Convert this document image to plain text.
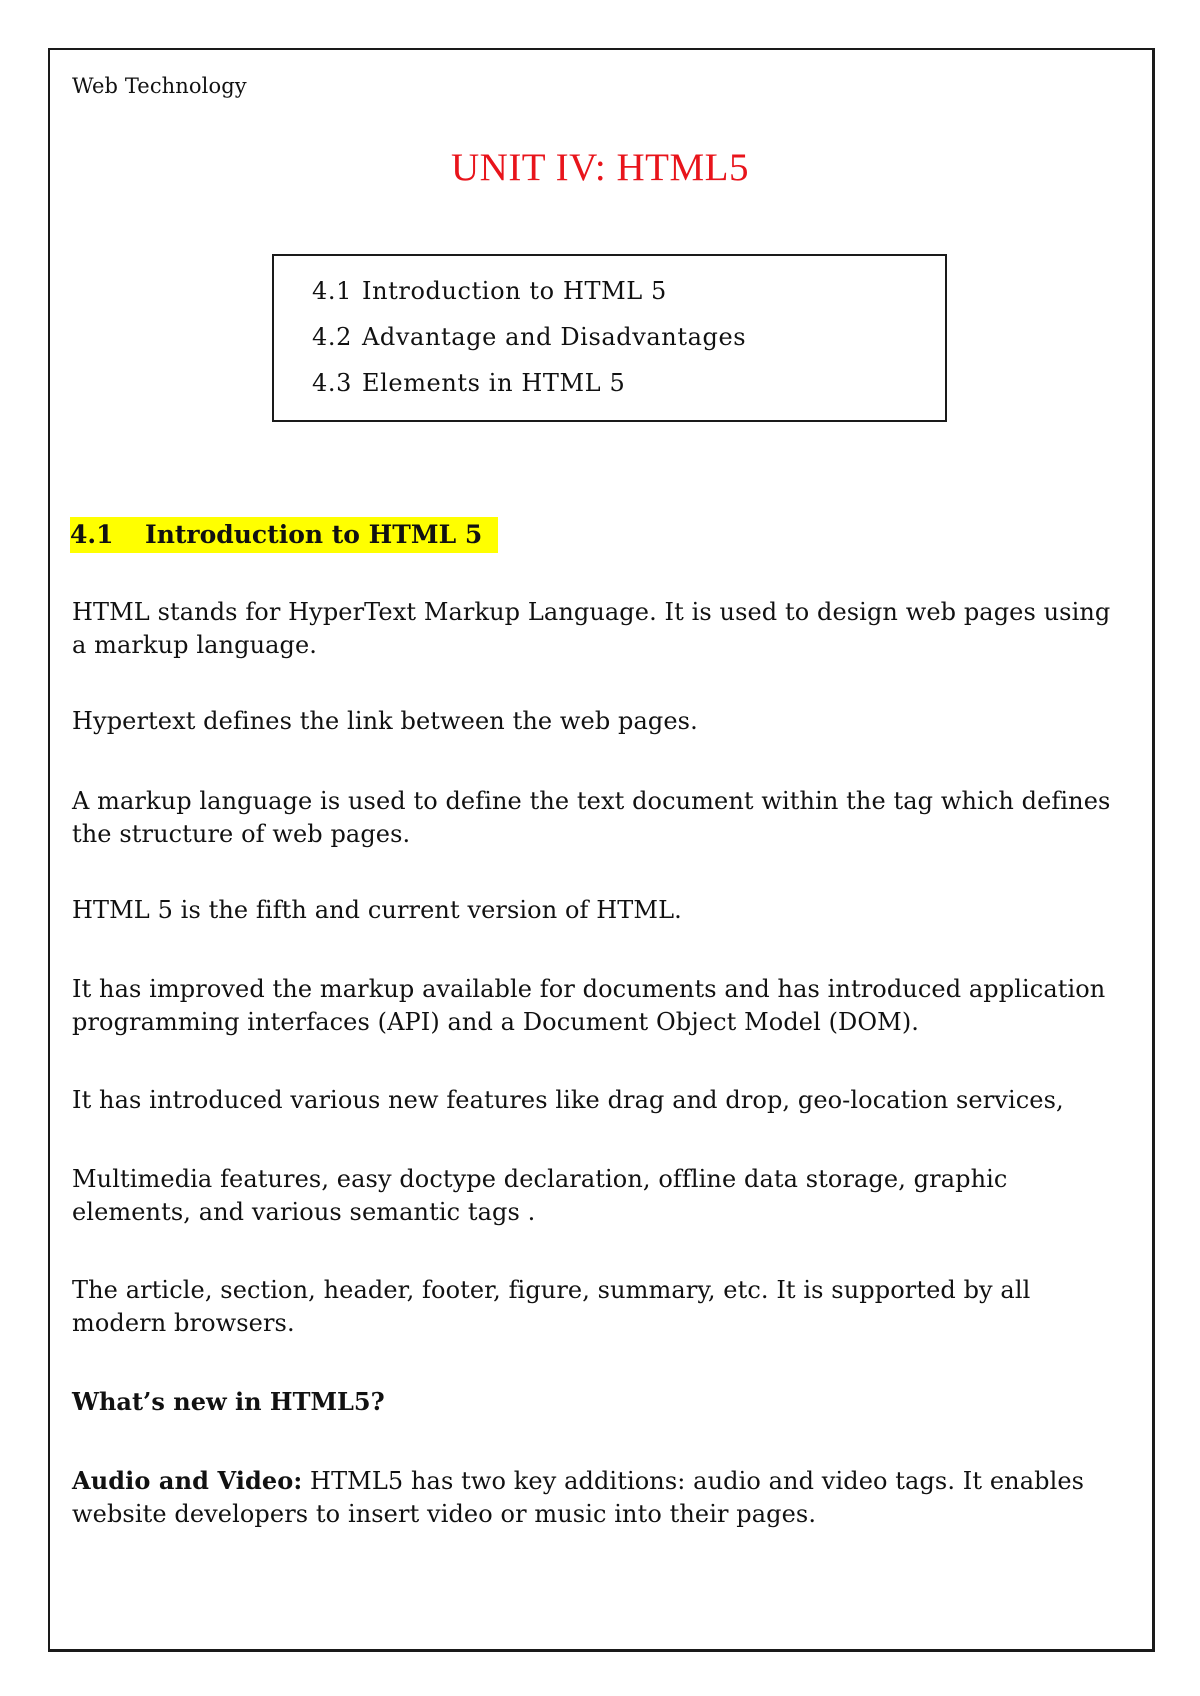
Web Technology
UNIT IV: HTML5
4.1 Introduction to HTML 5
4.2 Advantage and Disadvantages
4.3 Elements in HTML 5
4.1 Introduction to HTML 5

HTML stands for HyperText Markup Language. It is used to design web pages using a markup language.

Hypertext defines the link between the web pages.

A markup language is used to define the text document within the tag which defines the structure of web pages.

HTML 5 is the fifth and current version of HTML.

It has improved the markup available for documents and has introduced application programming interfaces (API) and a Document Object Model (DOM).

It has introduced various new features like drag and drop, geo-location services,

Multimedia features, easy doctype declaration, offline data storage, graphic elements, and various semantic tags .

The article, section, header, footer, figure, summary, etc. It is supported by all modern browsers.

What’s new in HTML5?

Audio and Video: HTML5 has two key additions: audio and video tags. It enables website developers to insert video or music into their pages.
